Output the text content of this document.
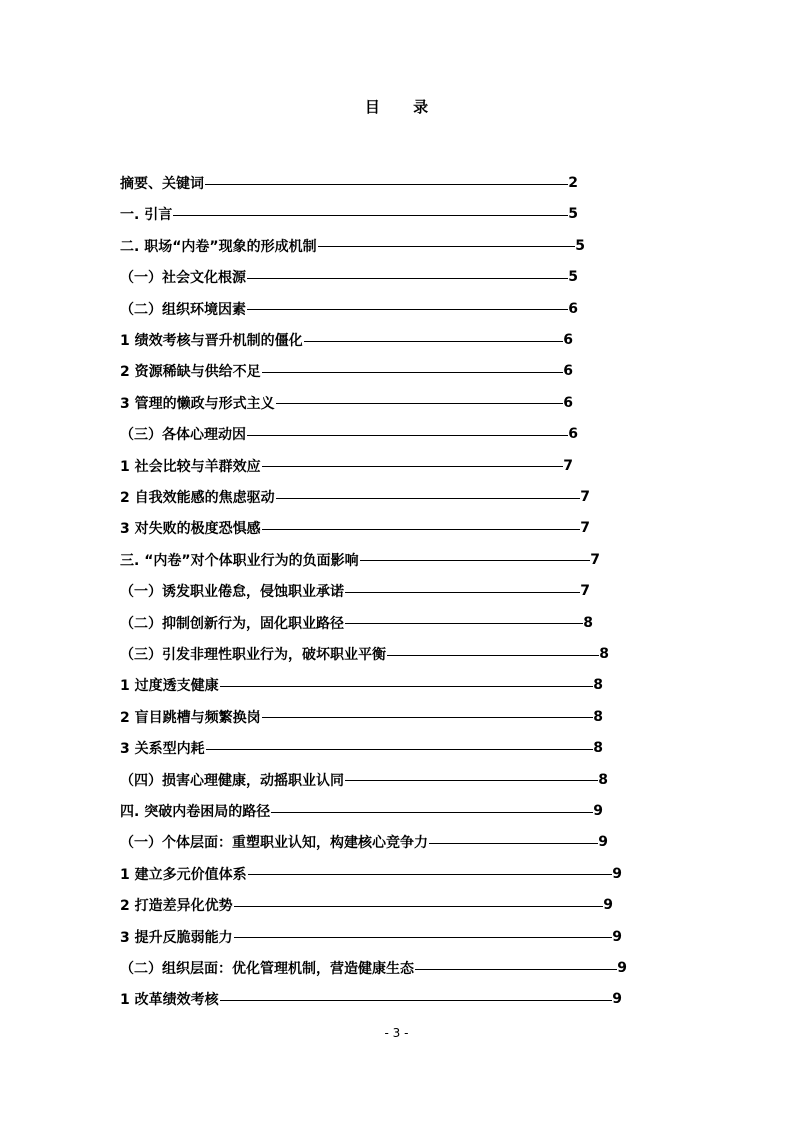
目 录
摘要、关键词	2
一. 引言	5
二. 职场“内卷”现象的形成机制	5
（一）社会文化根源	5
（二）组织环境因素	6
1 绩效考核与晋升机制的僵化	6
2 资源稀缺与供给不足	6
3 管理的懒政与形式主义	6
（三）各体心理动因	6
1 社会比较与羊群效应	7
2 自我效能感的焦虑驱动	7
3 对失败的极度恐惧感	7
三. “内卷”对个体职业行为的负面影响	7
（一）诱发职业倦怠，侵蚀职业承诺	7
（二）抑制创新行为，固化职业路径	8
（三）引发非理性职业行为，破坏职业平衡	8
1 过度透支健康	8
2 盲目跳槽与频繁换岗	8
3 关系型内耗	8
（四）损害心理健康，动摇职业认同	8
四. 突破内卷困局的路径	9
（一）个体层面：重塑职业认知，构建核心竞争力	9
1 建立多元价值体系	9
2 打造差异化优势	9
3 提升反脆弱能力	9
（二）组织层面：优化管理机制，营造健康生态	9
1 改革绩效考核	9
- 3 -
